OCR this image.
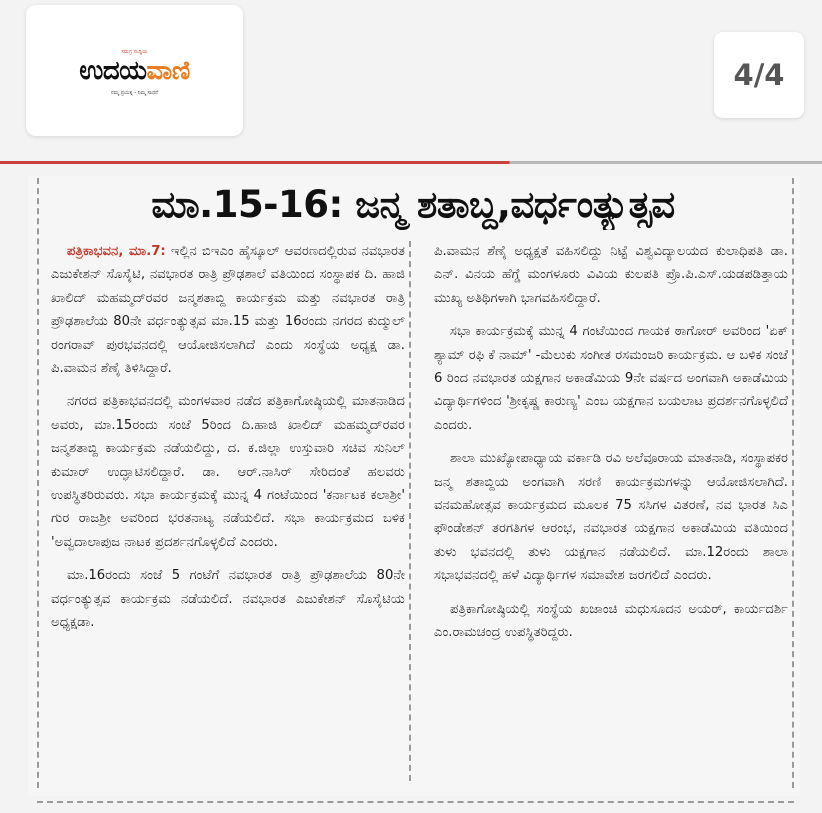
ಸಮಗ್ರ ಸುದ್ದಿಯ
ಉದಯವಾಣಿ
ನಮ್ಮ ಪ್ರಯತ್ನ - ನಿಮ್ಮ ಸಾಧನೆ
4/4
ಮಾ.15-16: ಜನ್ಮ ಶತಾಬ್ದ,ವರ್ಧಂತ್ಯುತ್ಸವ

ಪತ್ರಿಕಾಭವನ, ಮಾ.7: ಇಲ್ಲಿನ ಬಿಇಎಂ ಹೈಸ್ಕೂಲ್ ಆವರಣದಲ್ಲಿರುವ ನವಭಾರತ ಎಜುಕೇಶನ್ ಸೊಸೈಟಿ, ನವಭಾರತ ರಾತ್ರಿ ಪ್ರೌಢಶಾಲೆ ವತಿಯಿಂದ ಸಂಸ್ಥಾಪಕ ದಿ. ಹಾಜಿ ಖಾಲಿದ್ ಮಹಮ್ಮದ್‌ರವರ ಜನ್ಮಶತಾಬ್ದಿ ಕಾರ್ಯಕ್ರಮ ಮತ್ತು ನವಭಾರತ ರಾತ್ರಿ ಪ್ರೌಢಶಾಲೆಯ 80ನೇ ವರ್ಧಂತ್ಯುತ್ಸವ ಮಾ.15 ಮತ್ತು 16ರಂದು ನಗರದ ಕುದ್ಮುಲ್ ರಂಗರಾವ್ ಪುರಭವನದಲ್ಲಿ ಆಯೋಜಿಸಲಾಗಿದೆ ಎಂದು ಸಂಸ್ಥೆಯ ಅಧ್ಯಕ್ಷ ಡಾ. ಪಿ.ವಾಮನ ಶೆಣೈ ತಿಳಿಸಿದ್ದಾರೆ.

ನಗರದ ಪತ್ರಿಕಾಭವನದಲ್ಲಿ ಮಂಗಳವಾರ ನಡೆದ ಪತ್ರಿಕಾಗೋಷ್ಠಿಯಲ್ಲಿ ಮಾತನಾಡಿದ ಅವರು, ಮಾ.15ರಂದು ಸಂಜೆ 5ರಿಂದ ದಿ.ಹಾಜಿ ಖಾಲಿದ್ ಮಹಮ್ಮದ್‌ರವರ ಜನ್ಮಶತಾಬ್ದಿ ಕಾರ್ಯಕ್ರಮ ನಡೆಯಲಿದ್ದು, ದ. ಕ.ಜಿಲ್ಲಾ ಉಸ್ತುವಾರಿ ಸಚಿವ ಸುನಿಲ್ ಕುಮಾರ್ ಉದ್ಘಾಟಿಸಲಿದ್ದಾರೆ. ಡಾ. ಆರ್.ನಾಸಿರ್ ಸೇರಿದಂತೆ ಹಲವರು ಉಪಸ್ಥಿತರಿರುವರು. ಸಭಾ ಕಾರ್ಯಕ್ರಮಕ್ಕೆ ಮುನ್ನ 4 ಗಂಟೆಯಿಂದ 'ಕರ್ನಾಟಕ ಕಲಾಶ್ರೀ' ಗುರ ರಾಜಶ್ರೀ ಅವರಿಂದ ಭರತನಾಟ್ಯ ನಡೆಯಲಿದೆ. ಸಭಾ ಕಾರ್ಯಕ್ರಮದ ಬಳಿಕ 'ಅವ್ವದಾಲಾಪುಜ ನಾಟಕ ಪ್ರದರ್ಶನಗೊಳ್ಳಲಿದೆ ಎಂದರು.

ಮಾ.16ರಂದು ಸಂಜೆ 5 ಗಂಟೆಗೆ ನವಭಾರತ ರಾತ್ರಿ ಪ್ರೌಢಶಾಲೆಯ 80ನೇ ವರ್ಧಂತ್ಯುತ್ಸವ ಕಾರ್ಯಕ್ರಮ ನಡೆಯಲಿದೆ. ನವಭಾರತ ಎಜುಕೇಶನ್ ಸೊಸೈಟಿಯ ಅಧ್ಯಕ್ಷಡಾ.

ಪಿ.ವಾಮನ ಶೆಣೈ ಅಧ್ಯಕ್ಷತೆ ವಹಿಸಲಿದ್ದು ನಿಟ್ಟೆ ವಿಶ್ವವಿದ್ಯಾಲಯದ ಕುಲಾಧಿಪತಿ ಡಾ. ಎನ್. ವಿನಯ ಹೆಗ್ಡೆ ಮಂಗಳೂರು ವಿವಿಯ ಕುಲಪತಿ ಪ್ರೊ.ಪಿ.ಎಸ್.ಯಡಪಡಿತ್ತಾಯ ಮುಖ್ಯ ಅತಿಥಿಗಳಾಗಿ ಭಾಗವಹಿಸಲಿದ್ದಾರೆ.

ಸಭಾ ಕಾರ್ಯಕ್ರಮಕ್ಕೆ ಮುನ್ನ 4 ಗಂಟೆಯಿಂದ ಗಾಯಕ ಠಾಗೋರ್ ಅವರಿಂದ 'ಏಕ್ ಶ್ಯಾಮ್ ರಫಿ ಕೆ ನಾಮ್' -ಮೆಲುಕು ಸಂಗೀತ ರಸಮಂಜರಿ ಕಾರ್ಯಕ್ರಮ. ಆ ಬಳಿಕ ಸಂಜೆ 6 ರಿಂದ ನವಭಾರತ ಯಕ್ಷಗಾನ ಅಕಾಡೆಮಿಯ 9ನೇ ವರ್ಷದ ಅಂಗವಾಗಿ ಅಕಾಡೆಮಿಯ ವಿದ್ಯಾರ್ಥಿಗಳಿಂದ 'ಶ್ರೀಕೃಷ್ಣ ಕಾರುಣ್ಯ' ಎಂಬ ಯಕ್ಷಗಾನ ಬಯಲಾಟ ಪ್ರದರ್ಶನಗೊಳ್ಳಲಿದೆ ಎಂದರು.

ಶಾಲಾ ಮುಖ್ಯೋಪಾಧ್ಯಾಯ ವರ್ಕಾಡಿ ರವಿ ಅಲೆವೂರಾಯ ಮಾತನಾಡಿ, ಸಂಸ್ಥಾಪಕರ ಜನ್ಮ ಶತಾಬ್ದಿಯ ಅಂಗವಾಗಿ ಸರಣಿ ಕಾರ್ಯಕ್ರಮಗಳನ್ನು ಆಯೋಜಿಸಲಾಗಿದೆ. ವನಮಹೋತ್ಸವ ಕಾರ್ಯಕ್ರಮದ ಮೂಲಕ 75 ಸಸಿಗಳ ವಿತರಣೆ, ನವ ಭಾರತ ಸಿಎ ಫೌಂಡೇಶನ್ ತರಗತಿಗಳ ಆರಂಭ, ನವಭಾರತ ಯಕ್ಷಗಾನ ಅಕಾಡೆಮಿಯ ವತಿಯಿಂದ ತುಳು ಭವನದಲ್ಲಿ ತುಳು ಯಕ್ಷಗಾನ ನಡೆಯಲಿದೆ. ಮಾ.12ರಂದು ಶಾಲಾ ಸಭಾಭವನದಲ್ಲಿ ಹಳೆ ವಿದ್ಯಾರ್ಥಿಗಳ ಸಮಾವೇಶ ಜರಗಲಿದೆ ಎಂದರು.

ಪತ್ರಿಕಾಗೋಷ್ಠಿಯಲ್ಲಿ ಸಂಸ್ಥೆಯ ಖಜಾಂಚಿ ಮಧುಸೂದನ ಅಯರ್, ಕಾರ್ಯದರ್ಶಿ ಎಂ.ರಾಮಚಂದ್ರ ಉಪಸ್ಥಿತರಿದ್ದರು.
